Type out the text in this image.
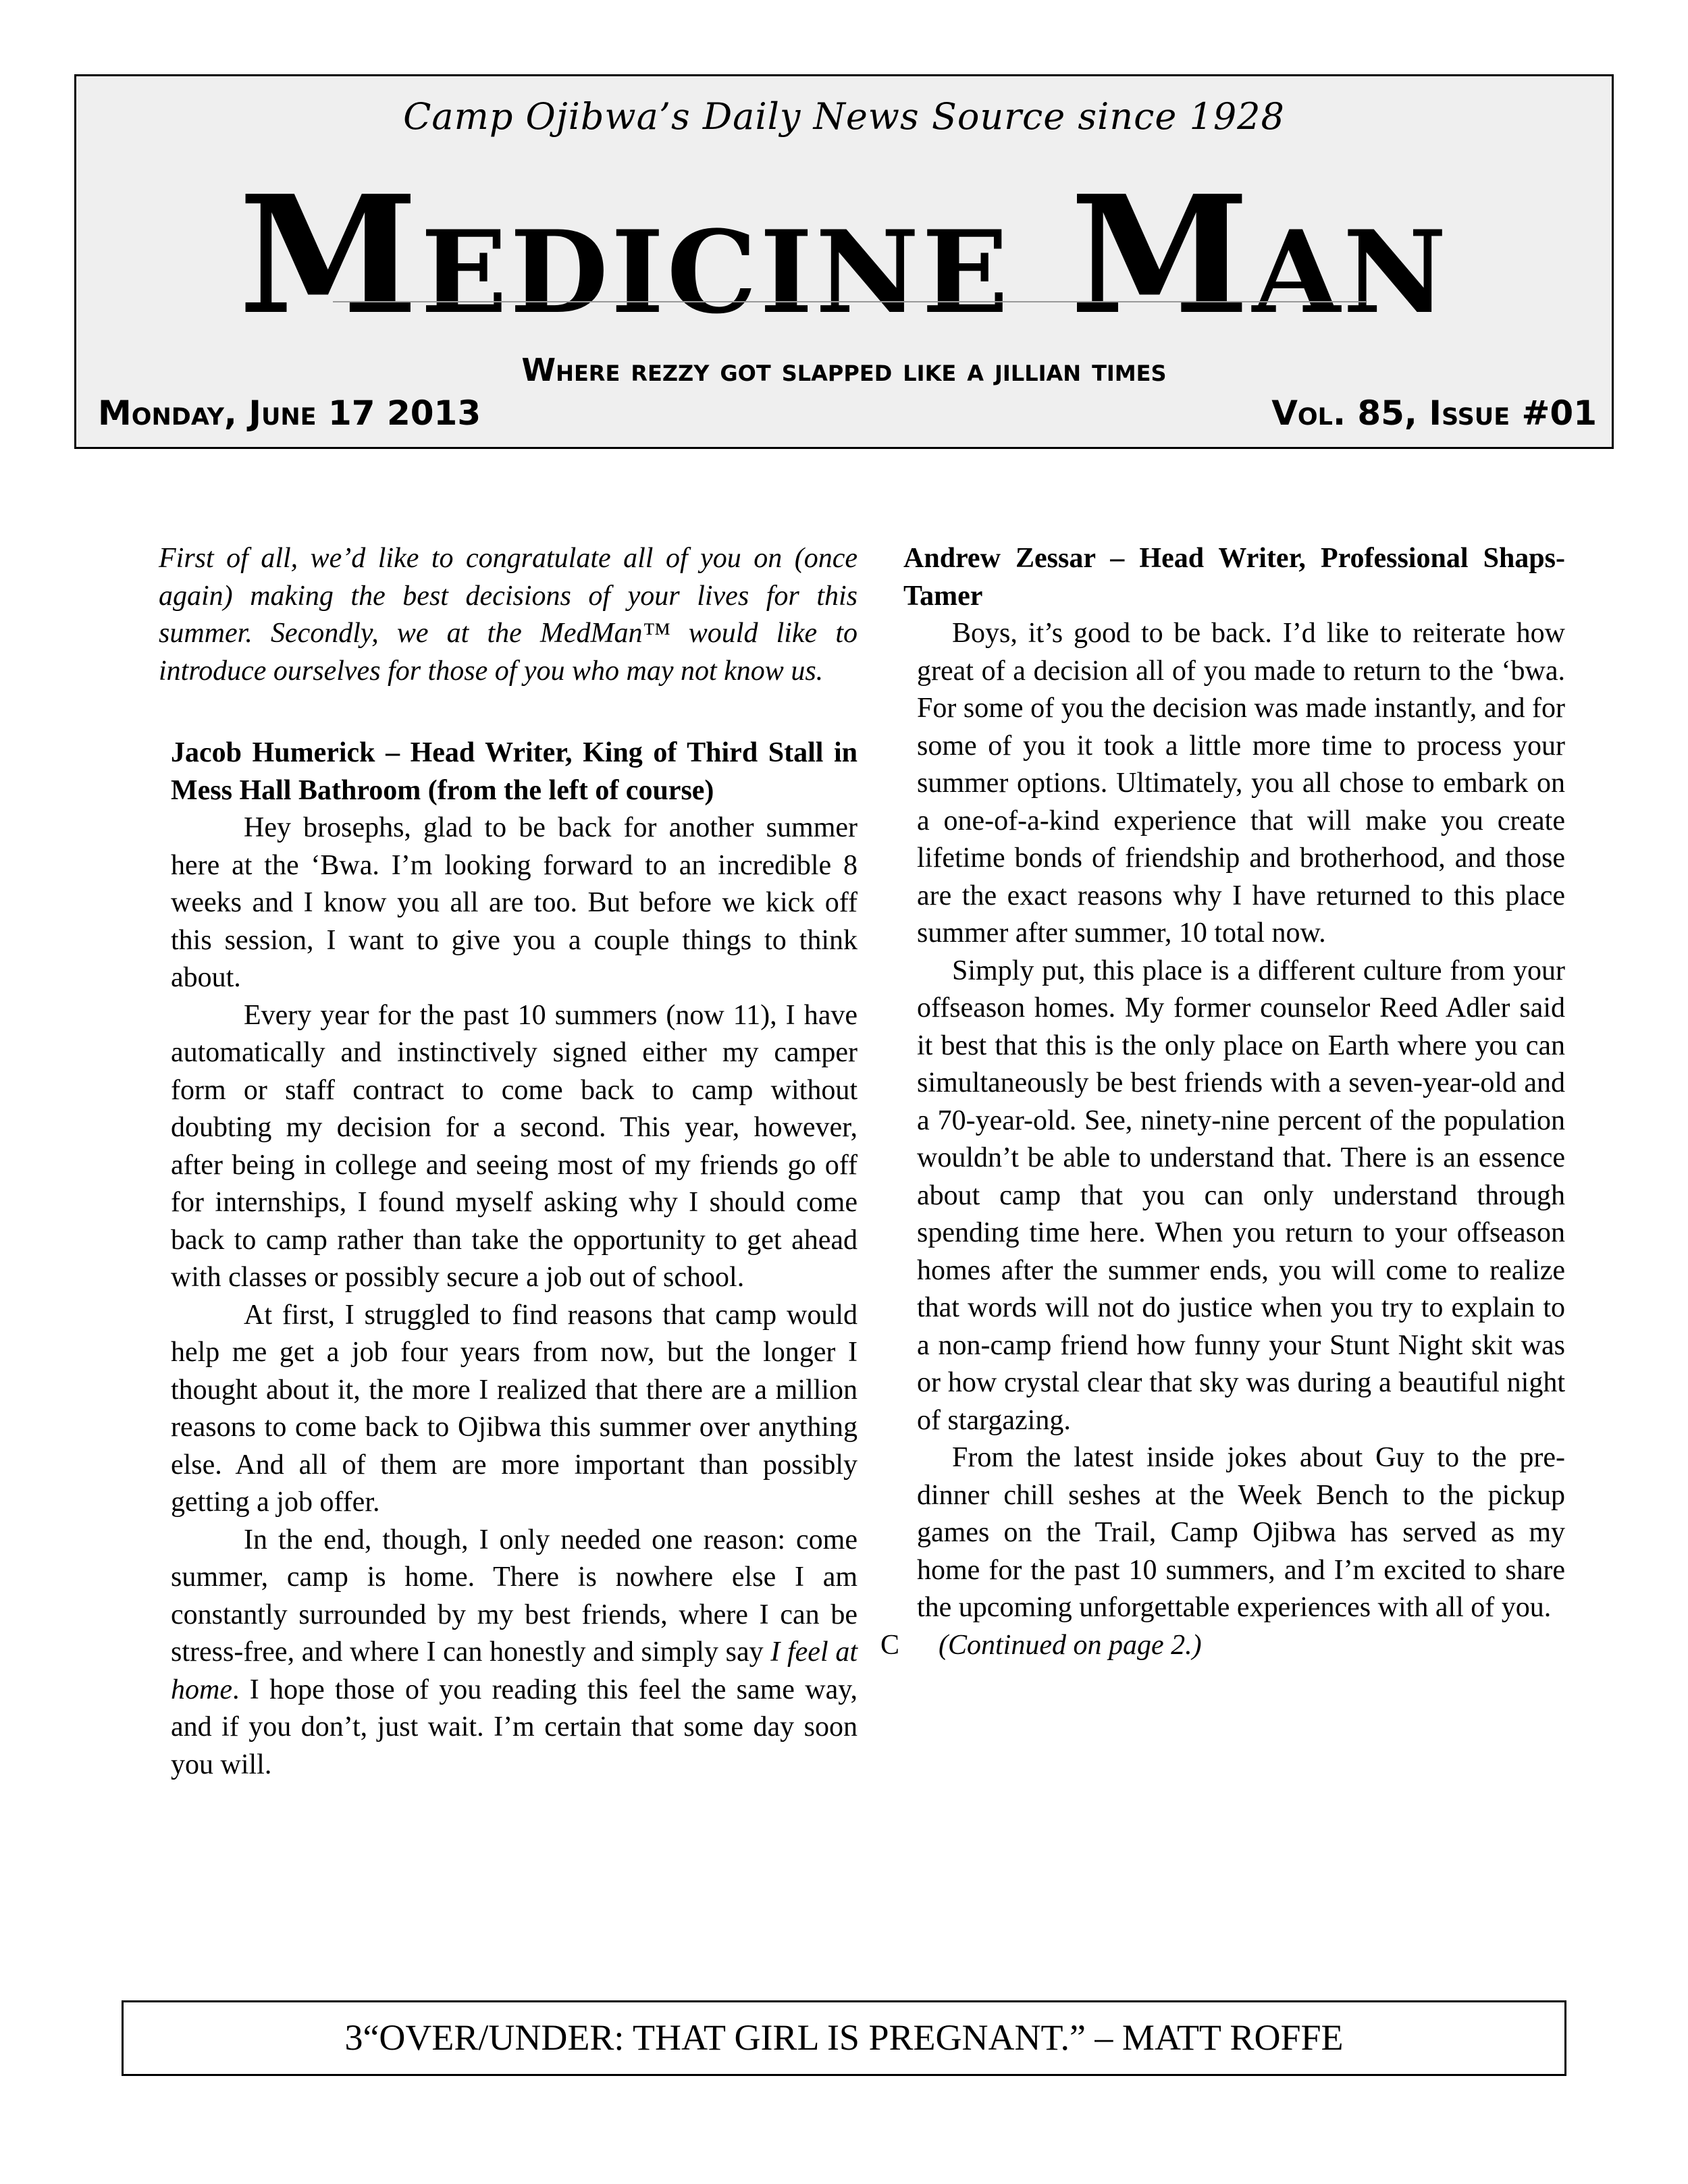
Camp Ojibwa’s Daily News Source since 1928
Medicine Man
Where rezzy got slapped like a jillian times
Monday, June 17 2013	Vol. 85, Issue #01

First of all, we’d like to congratulate all of you on (once again) making the best decisions of your lives for this summer. Secondly, we at the MedMan™ would like to introduce ourselves for those of you who may not know us.

Jacob Humerick – Head Writer, King of Third Stall in Mess Hall Bathroom (from the left of course)

Hey brosephs, glad to be back for another summer here at the ‘Bwa. I’m looking forward to an incredible 8 weeks and I know you all are too. But before we kick off this session, I want to give you a couple things to think about.

Every year for the past 10 summers (now 11), I have automatically and instinctively signed either my camper form or staff contract to come back to camp without doubting my decision for a second. This year, however, after being in college and seeing most of my friends go off for internships, I found myself asking why I should come back to camp rather than take the opportunity to get ahead with classes or possibly secure a job out of school.

At first, I struggled to find reasons that camp would help me get a job four years from now, but the longer I thought about it, the more I realized that there are a million reasons to come back to Ojibwa this summer over anything else. And all of them are more important than possibly getting a job offer.

In the end, though, I only needed one reason: come summer, camp is home. There is nowhere else I am constantly surrounded by my best friends, where I can be stress-free, and where I can honestly and simply say I feel at home. I hope those of you reading this feel the same way, and if you don’t, just wait. I’m certain that some day soon you will.

Andrew Zessar – Head Writer, Professional Shaps-Tamer

Boys, it’s good to be back. I’d like to reiterate how great of a decision all of you made to return to the ‘bwa. For some of you the decision was made instantly, and for some of you it took a little more time to process your summer options. Ultimately, you all chose to embark on a one-of-a-kind experience that will make you create lifetime bonds of friendship and brotherhood, and those are the exact reasons why I have returned to this place summer after summer, 10 total now.

Simply put, this place is a different culture from your offseason homes. My former counselor Reed Adler said it best that this is the only place on Earth where you can simultaneously be best friends with a seven-year-old and a 70-year-old. See, ninety-nine percent of the population wouldn’t be able to understand that. There is an essence about camp that you can only understand through spending time here. When you return to your offseason homes after the summer ends, you will come to realize that words will not do justice when you try to explain to a non-camp friend how funny your Stunt Night skit was or how crystal clear that sky was during a beautiful night of stargazing.

From the latest inside jokes about Guy to the pre-dinner chill seshes at the Week Bench to the pickup games on the Trail, Camp Ojibwa has served as my home for the past 10 summers, and I’m excited to share the upcoming unforgettable experiences with all of you.

C (Continued on page 2.)

3“OVER/UNDER: THAT GIRL IS PREGNANT.” – MATT ROFFE
